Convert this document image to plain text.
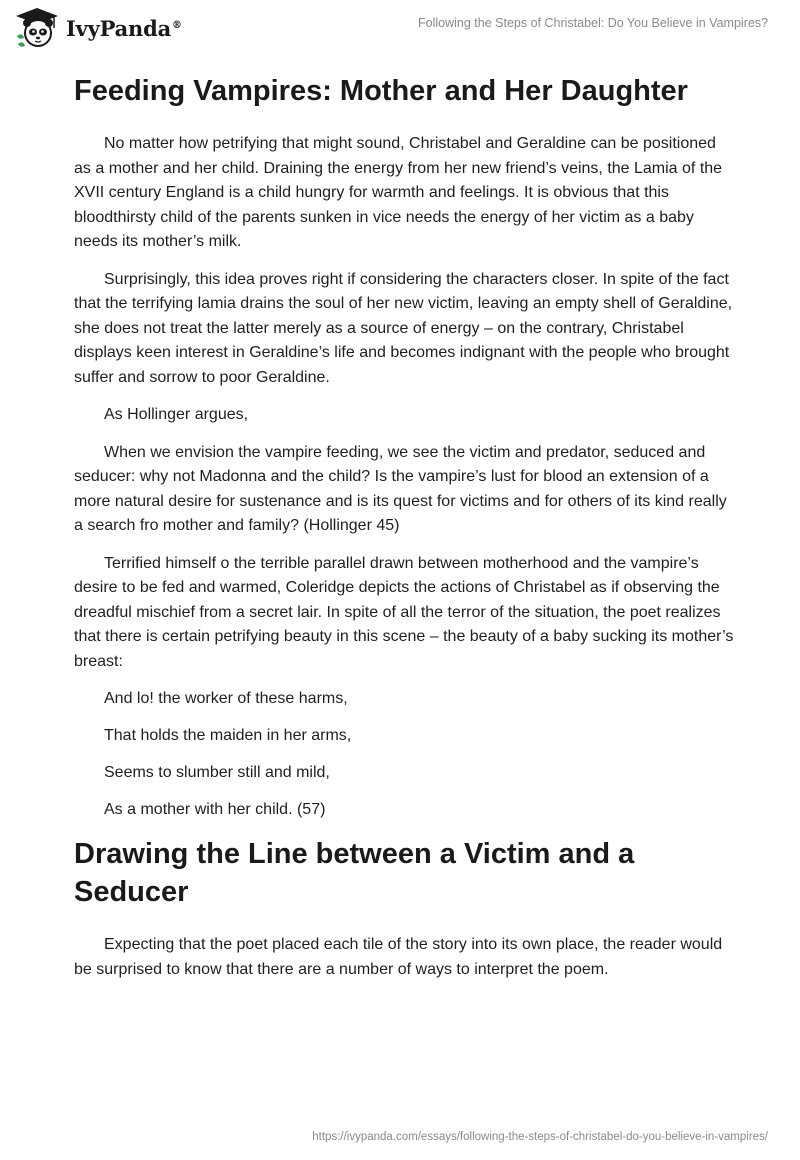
IvyPanda®	Following the Steps of Christabel: Do You Believe in Vampires?
Feeding Vampires: Mother and Her Daughter

No matter how petrifying that might sound, Christabel and Geraldine can be positioned as a mother and her child. Draining the energy from her new friend’s veins, the Lamia of the XVII century England is a child hungry for warmth and feelings. It is obvious that this bloodthirsty child of the parents sunken in vice needs the energy of her victim as a baby needs its mother’s milk.

Surprisingly, this idea proves right if considering the characters closer. In spite of the fact that the terrifying lamia drains the soul of her new victim, leaving an empty shell of Geraldine, she does not treat the latter merely as a source of energy – on the contrary, Christabel displays keen interest in Geraldine’s life and becomes indignant with the people who brought suffer and sorrow to poor Geraldine.

As Hollinger argues,

When we envision the vampire feeding, we see the victim and predator, seduced and seducer: why not Madonna and the child? Is the vampire’s lust for blood an extension of a more natural desire for sustenance and is its quest for victims and for others of its kind really a search fro mother and family? (Hollinger 45)

Terrified himself o the terrible parallel drawn between motherhood and the vampire’s desire to be fed and warmed, Coleridge depicts the actions of Christabel as if observing the dreadful mischief from a secret lair. In spite of all the terror of the situation, the poet realizes that there is certain petrifying beauty in this scene – the beauty of a baby sucking its mother’s breast:

And lo! the worker of these harms,

That holds the maiden in her arms,

Seems to slumber still and mild,

As a mother with her child. (57)

Drawing the Line between a Victim and a Seducer

Expecting that the poet placed each tile of the story into its own place, the reader would be surprised to know that there are a number of ways to interpret the poem.

https://ivypanda.com/essays/following-the-steps-of-christabel-do-you-believe-in-vampires/
